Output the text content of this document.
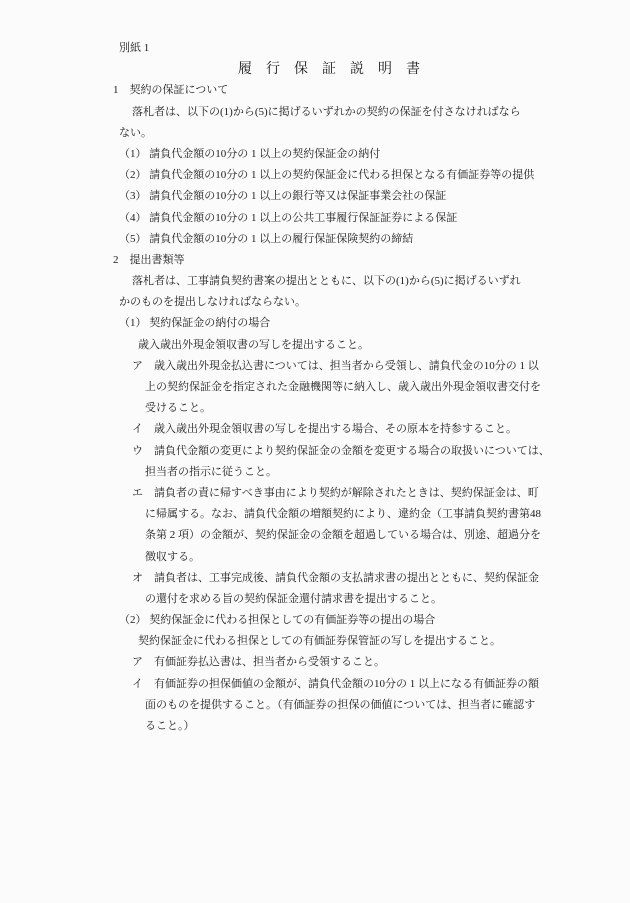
別紙 1
履　行　保　証　説　明　書
1　契約の保証について
落札者は、以下の(1)から(5)に掲げるいずれかの契約の保証を付さなければなら
ない。
（1） 請負代金額の10分の 1 以上の契約保証金の納付
（2） 請負代金額の10分の 1 以上の契約保証金に代わる担保となる有価証券等の提供
（3） 請負代金額の10分の 1 以上の銀行等又は保証事業会社の保証
（4） 請負代金額の10分の 1 以上の公共工事履行保証証券による保証
（5） 請負代金額の10分の 1 以上の履行保証保険契約の締結
2　提出書類等
落札者は、工事請負契約書案の提出とともに、以下の(1)から(5)に掲げるいずれ
かのものを提出しなければならない。
（1） 契約保証金の納付の場合
歳入歳出外現金領収書の写しを提出すること。
ア　歳入歳出外現金払込書については、担当者から受領し、請負代金の10分の 1 以
上の契約保証金を指定された金融機関等に納入し、歳入歳出外現金領収書交付を
受けること。
イ　歳入歳出外現金領収書の写しを提出する場合、その原本を持参すること。
ウ　請負代金額の変更により契約保証金の金額を変更する場合の取扱いについては、
担当者の指示に従うこと。
エ　請負者の責に帰すべき事由により契約が解除されたときは、契約保証金は、町
に帰属する。なお、請負代金額の増額契約により、違約金（工事請負契約書第48
条第 2 項）の金額が、契約保証金の金額を超過している場合は、別途、超過分を
徴収する。
オ　請負者は、工事完成後、請負代金額の支払請求書の提出とともに、契約保証金
の還付を求める旨の契約保証金還付請求書を提出すること。
（2） 契約保証金に代わる担保としての有価証券等の提出の場合
契約保証金に代わる担保としての有価証券保管証の写しを提出すること。
ア　有価証券払込書は、担当者から受領すること。
イ　有価証券の担保価値の金額が、請負代金額の10分の 1 以上になる有価証券の額
面のものを提供すること。（有価証券の担保の価値については、担当者に確認す
ること。）
